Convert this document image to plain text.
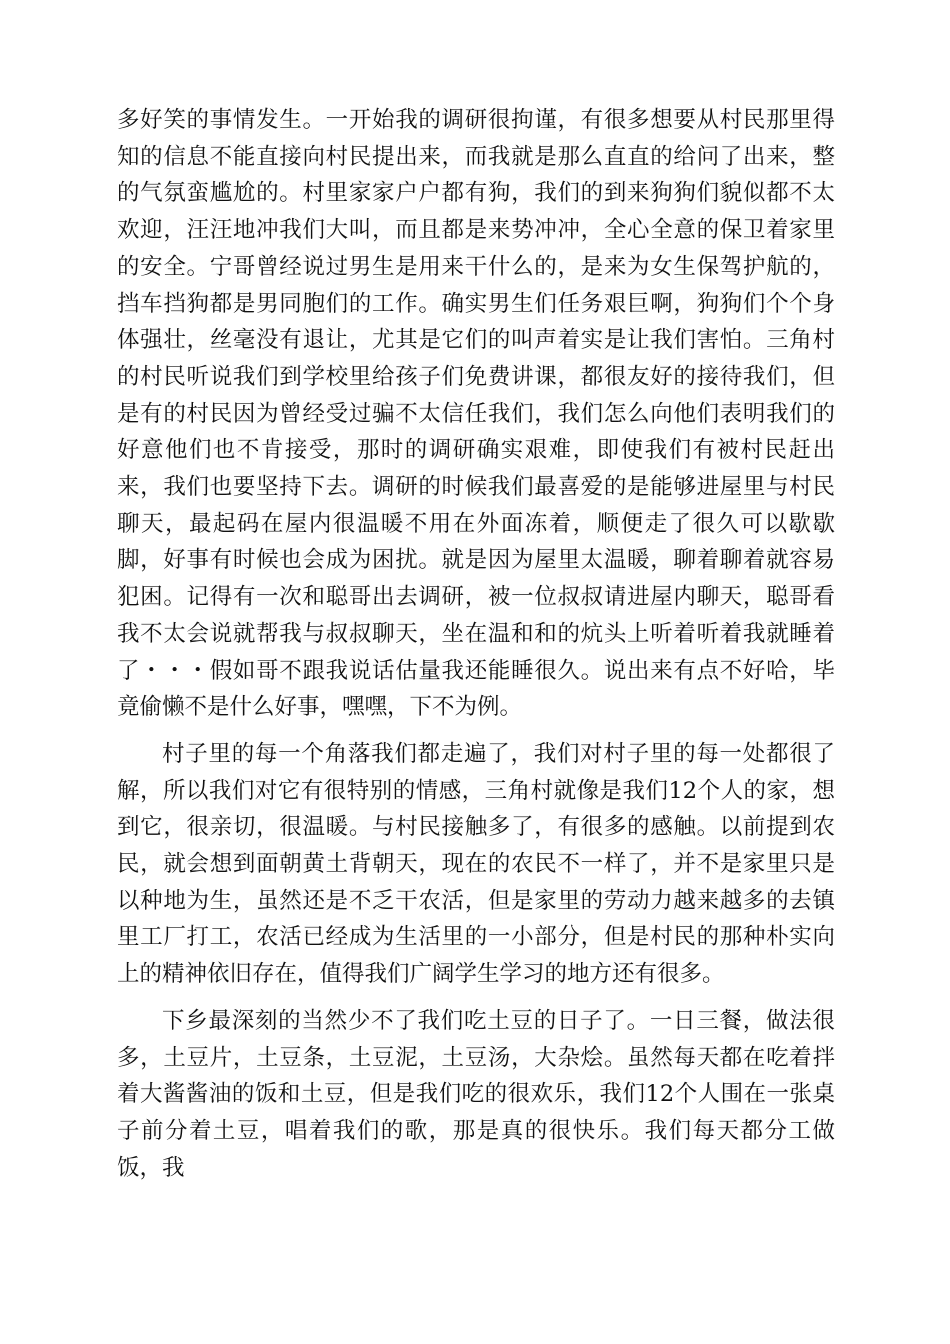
多好笑的事情发生。一开始我的调研很拘谨，有很多想要从村民那里得知的信息不能直接向村民提出来，而我就是那么直直的给问了出来，整的气氛蛮尴尬的。村里家家户户都有狗，我们的到来狗狗们貌似都不太欢迎，汪汪地冲我们大叫，而且都是来势冲冲，全心全意的保卫着家里的安全。宁哥曾经说过男生是用来干什么的，是来为女生保驾护航的，挡车挡狗都是男同胞们的工作。确实男生们任务艰巨啊，狗狗们个个身体强壮，丝毫没有退让，尤其是它们的叫声着实是让我们害怕。三角村的村民听说我们到学校里给孩子们免费讲课，都很友好的接待我们，但是有的村民因为曾经受过骗不太信任我们，我们怎么向他们表明我们的好意他们也不肯接受，那时的调研确实艰难，即使我们有被村民赶出来，我们也要坚持下去。调研的时候我们最喜爱的是能够进屋里与村民聊天，最起码在屋内很温暖不用在外面冻着，顺便走了很久可以歇歇脚，好事有时候也会成为困扰。就是因为屋里太温暖，聊着聊着就容易犯困。记得有一次和聪哥出去调研，被一位叔叔请进屋内聊天，聪哥看我不太会说就帮我与叔叔聊天，坐在温和和的炕头上听着听着我就睡着了・・・假如哥不跟我说话估量我还能睡很久。说出来有点不好哈，毕竟偷懒不是什么好事，嘿嘿，下不为例。

村子里的每一个角落我们都走遍了，我们对村子里的每一处都很了解，所以我们对它有很特别的情感，三角村就像是我们12个人的家，想到它，很亲切，很温暖。与村民接触多了，有很多的感触。以前提到农民，就会想到面朝黄土背朝天，现在的农民不一样了，并不是家里只是以种地为生，虽然还是不乏干农活，但是家里的劳动力越来越多的去镇里工厂打工，农活已经成为生活里的一小部分，但是村民的那种朴实向上的精神依旧存在，值得我们广阔学生学习的地方还有很多。

下乡最深刻的当然少不了我们吃土豆的日子了。一日三餐，做法很多，土豆片，土豆条，土豆泥，土豆汤，大杂烩。虽然每天都在吃着拌着大酱酱油的饭和土豆，但是我们吃的很欢乐，我们12个人围在一张桌子前分着土豆，唱着我们的歌，那是真的很快乐。我们每天都分工做饭，我
